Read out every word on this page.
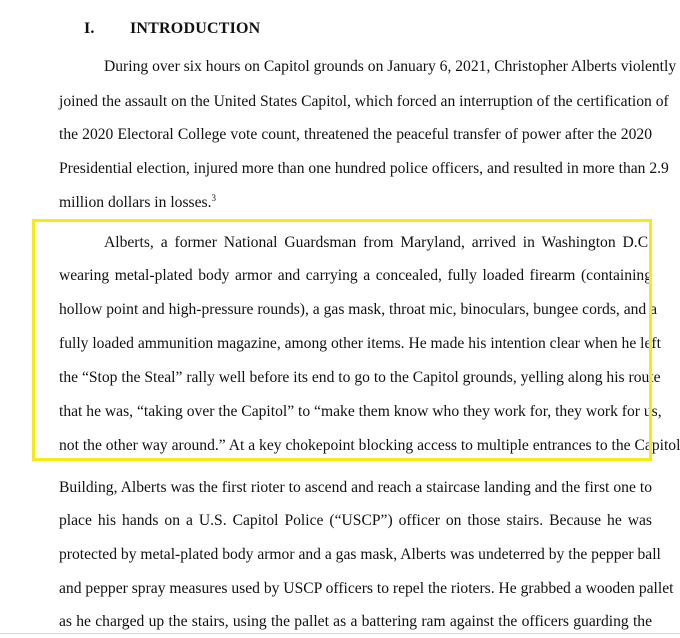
I. INTRODUCTION
During over six hours on Capitol grounds on January 6, 2021, Christopher Alberts violently
joined the assault on the United States Capitol, which forced an interruption of the certification of
the 2020 Electoral College vote count, threatened the peaceful transfer of power after the 2020
Presidential election, injured more than one hundred police officers, and resulted in more than 2.9
million dollars in losses.$^3$
Alberts, a former National Guardsman from Maryland, arrived in Washington D.C.
wearing metal-plated body armor and carrying a concealed, fully loaded firearm (containing
hollow point and high-pressure rounds), a gas mask, throat mic, binoculars, bungee cords, and a
fully loaded ammunition magazine, among other items. He made his intention clear when he left
the “Stop the Steal” rally well before its end to go to the Capitol grounds, yelling along his route
that he was, “taking over the Capitol” to “make them know who they work for, they work for us,
not the other way around.” At a key chokepoint blocking access to multiple entrances to the Capitol
Building, Alberts was the first rioter to ascend and reach a staircase landing and the first one to
place his hands on a U.S. Capitol Police (“USCP”) officer on those stairs. Because he was
protected by metal-plated body armor and a gas mask, Alberts was undeterred by the pepper ball
and pepper spray measures used by USCP officers to repel the rioters. He grabbed a wooden pallet
as he charged up the stairs, using the pallet as a battering ram against the officers guarding the
